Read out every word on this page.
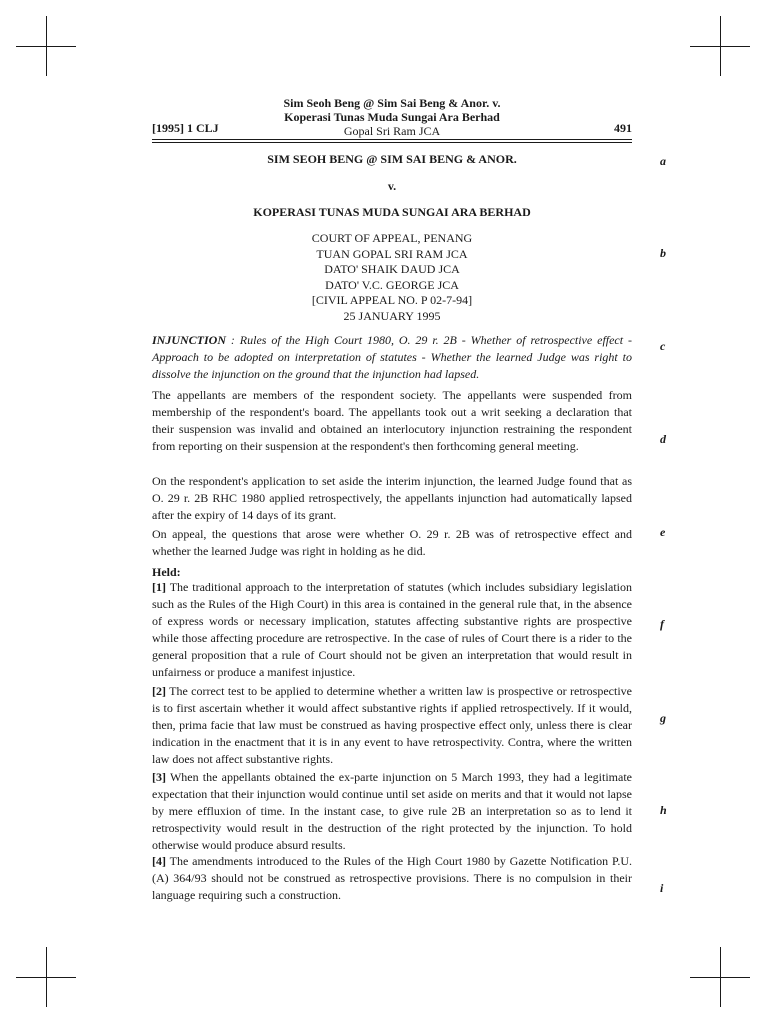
Sim Seoh Beng @ Sim Sai Beng & Anor. v.
Koperasi Tunas Muda Sungai Ara Berhad
Gopal Sri Ram JCA
[1995] 1 CLJ	491
a
b
c
d
e
f
g
h
i
SIM SEOH BENG @ SIM SAI BENG & ANOR.
v.
KOPERASI TUNAS MUDA SUNGAI ARA BERHAD
COURT OF APPEAL, PENANG
TUAN GOPAL SRI RAM JCA
DATO' SHAIK DAUD JCA
DATO' V.C. GEORGE JCA
[CIVIL APPEAL NO. P 02-7-94]
25 JANUARY 1995

INJUNCTION : Rules of the High Court 1980, O. 29 r. 2B - Whether of retrospective effect - Approach to be adopted on interpretation of statutes - Whether the learned Judge was right to dissolve the injunction on the ground that the injunction had lapsed.

The appellants are members of the respondent society. The appellants were suspended from membership of the respondent's board. The appellants took out a writ seeking a declaration that their suspension was invalid and obtained an interlocutory injunction restraining the respondent from reporting on their suspension at the respondent's then forthcoming general meeting.

On the respondent's application to set aside the interim injunction, the learned Judge found that as O. 29 r. 2B RHC 1980 applied retrospectively, the appellants injunction had automatically lapsed after the expiry of 14 days of its grant.

On appeal, the questions that arose were whether O. 29 r. 2B was of retrospective effect and whether the learned Judge was right in holding as he did.

Held:

[1] The traditional approach to the interpretation of statutes (which includes subsidiary legislation such as the Rules of the High Court) in this area is contained in the general rule that, in the absence of express words or necessary implication, statutes affecting substantive rights are prospective while those affecting procedure are retrospective. In the case of rules of Court there is a rider to the general proposition that a rule of Court should not be given an interpretation that would result in unfairness or produce a manifest injustice.

[2] The correct test to be applied to determine whether a written law is prospective or retrospective is to first ascertain whether it would affect substantive rights if applied retrospectively. If it would, then, prima facie that law must be construed as having prospective effect only, unless there is clear indication in the enactment that it is in any event to have retrospectivity. Contra, where the written law does not affect substantive rights.

[3] When the appellants obtained the ex-parte injunction on 5 March 1993, they had a legitimate expectation that their injunction would continue until set aside on merits and that it would not lapse by mere effluxion of time. In the instant case, to give rule 2B an interpretation so as to lend it retrospectivity would result in the destruction of the right protected by the injunction. To hold otherwise would produce absurd results.

[4] The amendments introduced to the Rules of the High Court 1980 by Gazette Notification P.U. (A) 364/93 should not be construed as retrospective provisions. There is no compulsion in their language requiring such a construction.
